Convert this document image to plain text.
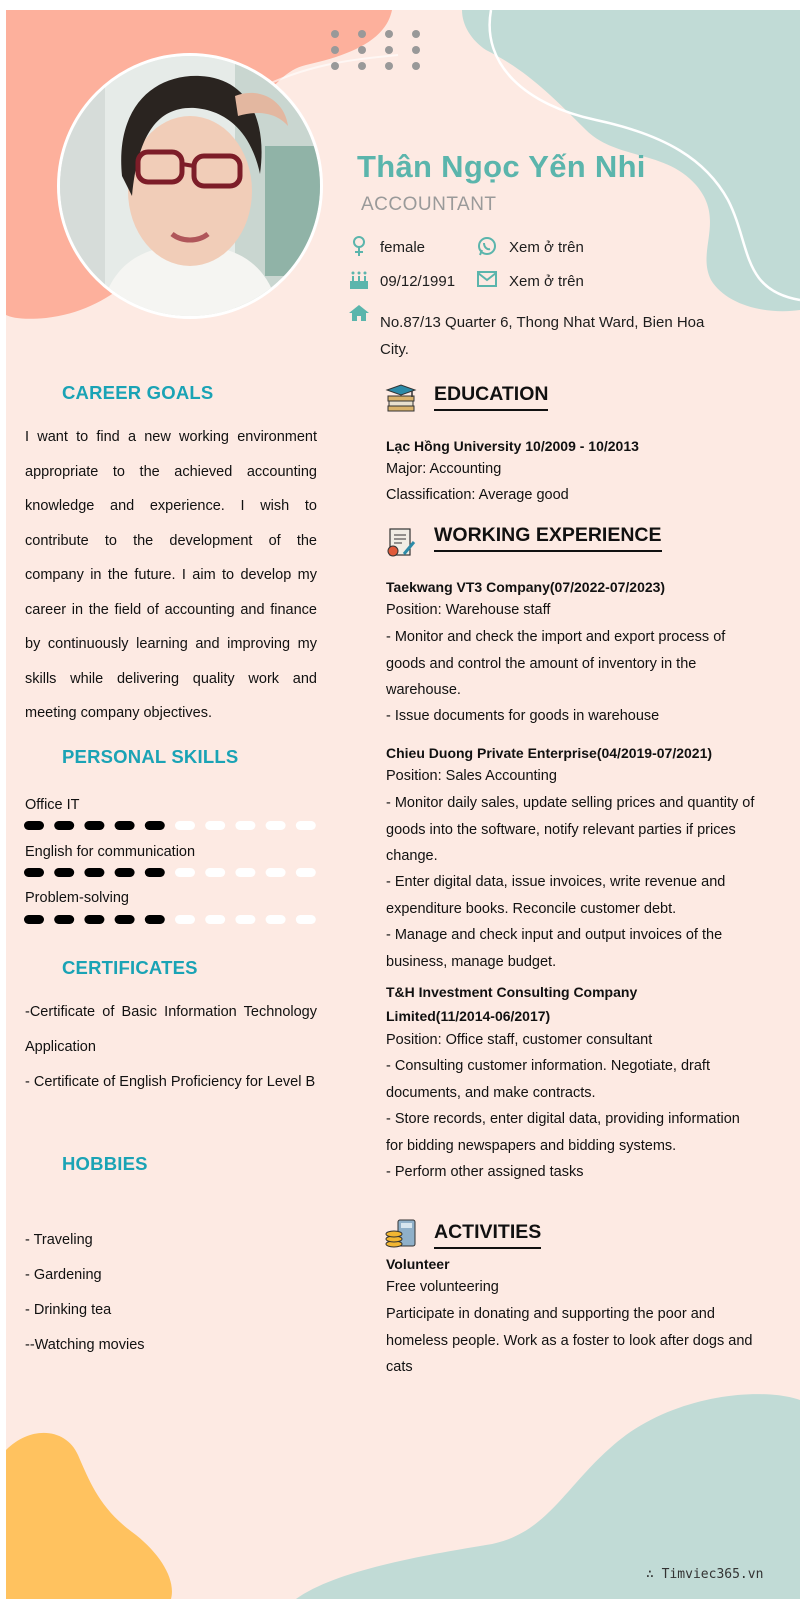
Thân Ngọc Yến Nhi
ACCOUNTANT
female	Xem ở trên
09/12/1991	Xem ở trên
No.87/13 Quarter 6, Thong Nhat Ward, Bien Hoa City.
CAREER GOALS
I want to find a new working environment appropriate to the achieved accounting knowledge and experience. I wish to contribute to the development of the company in the future. I aim to develop my career in the field of accounting and finance by continuously learning and improving my skills while delivering quality work and meeting company objectives.
PERSONAL SKILLS
Office IT
English for communication
Problem-solving
CERTIFICATES
-Certificate of Basic Information Technology Application
- Certificate of English Proficiency for Level B
HOBBIES
- Traveling
- Gardening
- Drinking tea
--Watching movies
EDUCATION
Lạc Hồng University 10/2009 - 10/2013
Major: Accounting
Classification: Average good
WORKING EXPERIENCE
Taekwang VT3 Company(07/2022-07/2023)
Position: Warehouse staff
- Monitor and check the import and export process of goods and control the amount of inventory in the warehouse.
- Issue documents for goods in warehouse
Chieu Duong Private Enterprise(04/2019-07/2021)
Position: Sales Accounting
- Monitor daily sales, update selling prices and quantity of goods into the software, notify relevant parties if prices change.
- Enter digital data, issue invoices, write revenue and expenditure books. Reconcile customer debt.
- Manage and check input and output invoices of the business, manage budget.
T&H Investment Consulting Company Limited(11/2014-06/2017)
Position: Office staff, customer consultant
- Consulting customer information. Negotiate, draft documents, and make contracts.
- Store records, enter digital data, providing information for bidding newspapers and bidding systems.
- Perform other assigned tasks
ACTIVITIES
Volunteer
Free volunteering
Participate in donating and supporting the poor and homeless people. Work as a foster to look after dogs and cats
∴ Timviec365.vn
